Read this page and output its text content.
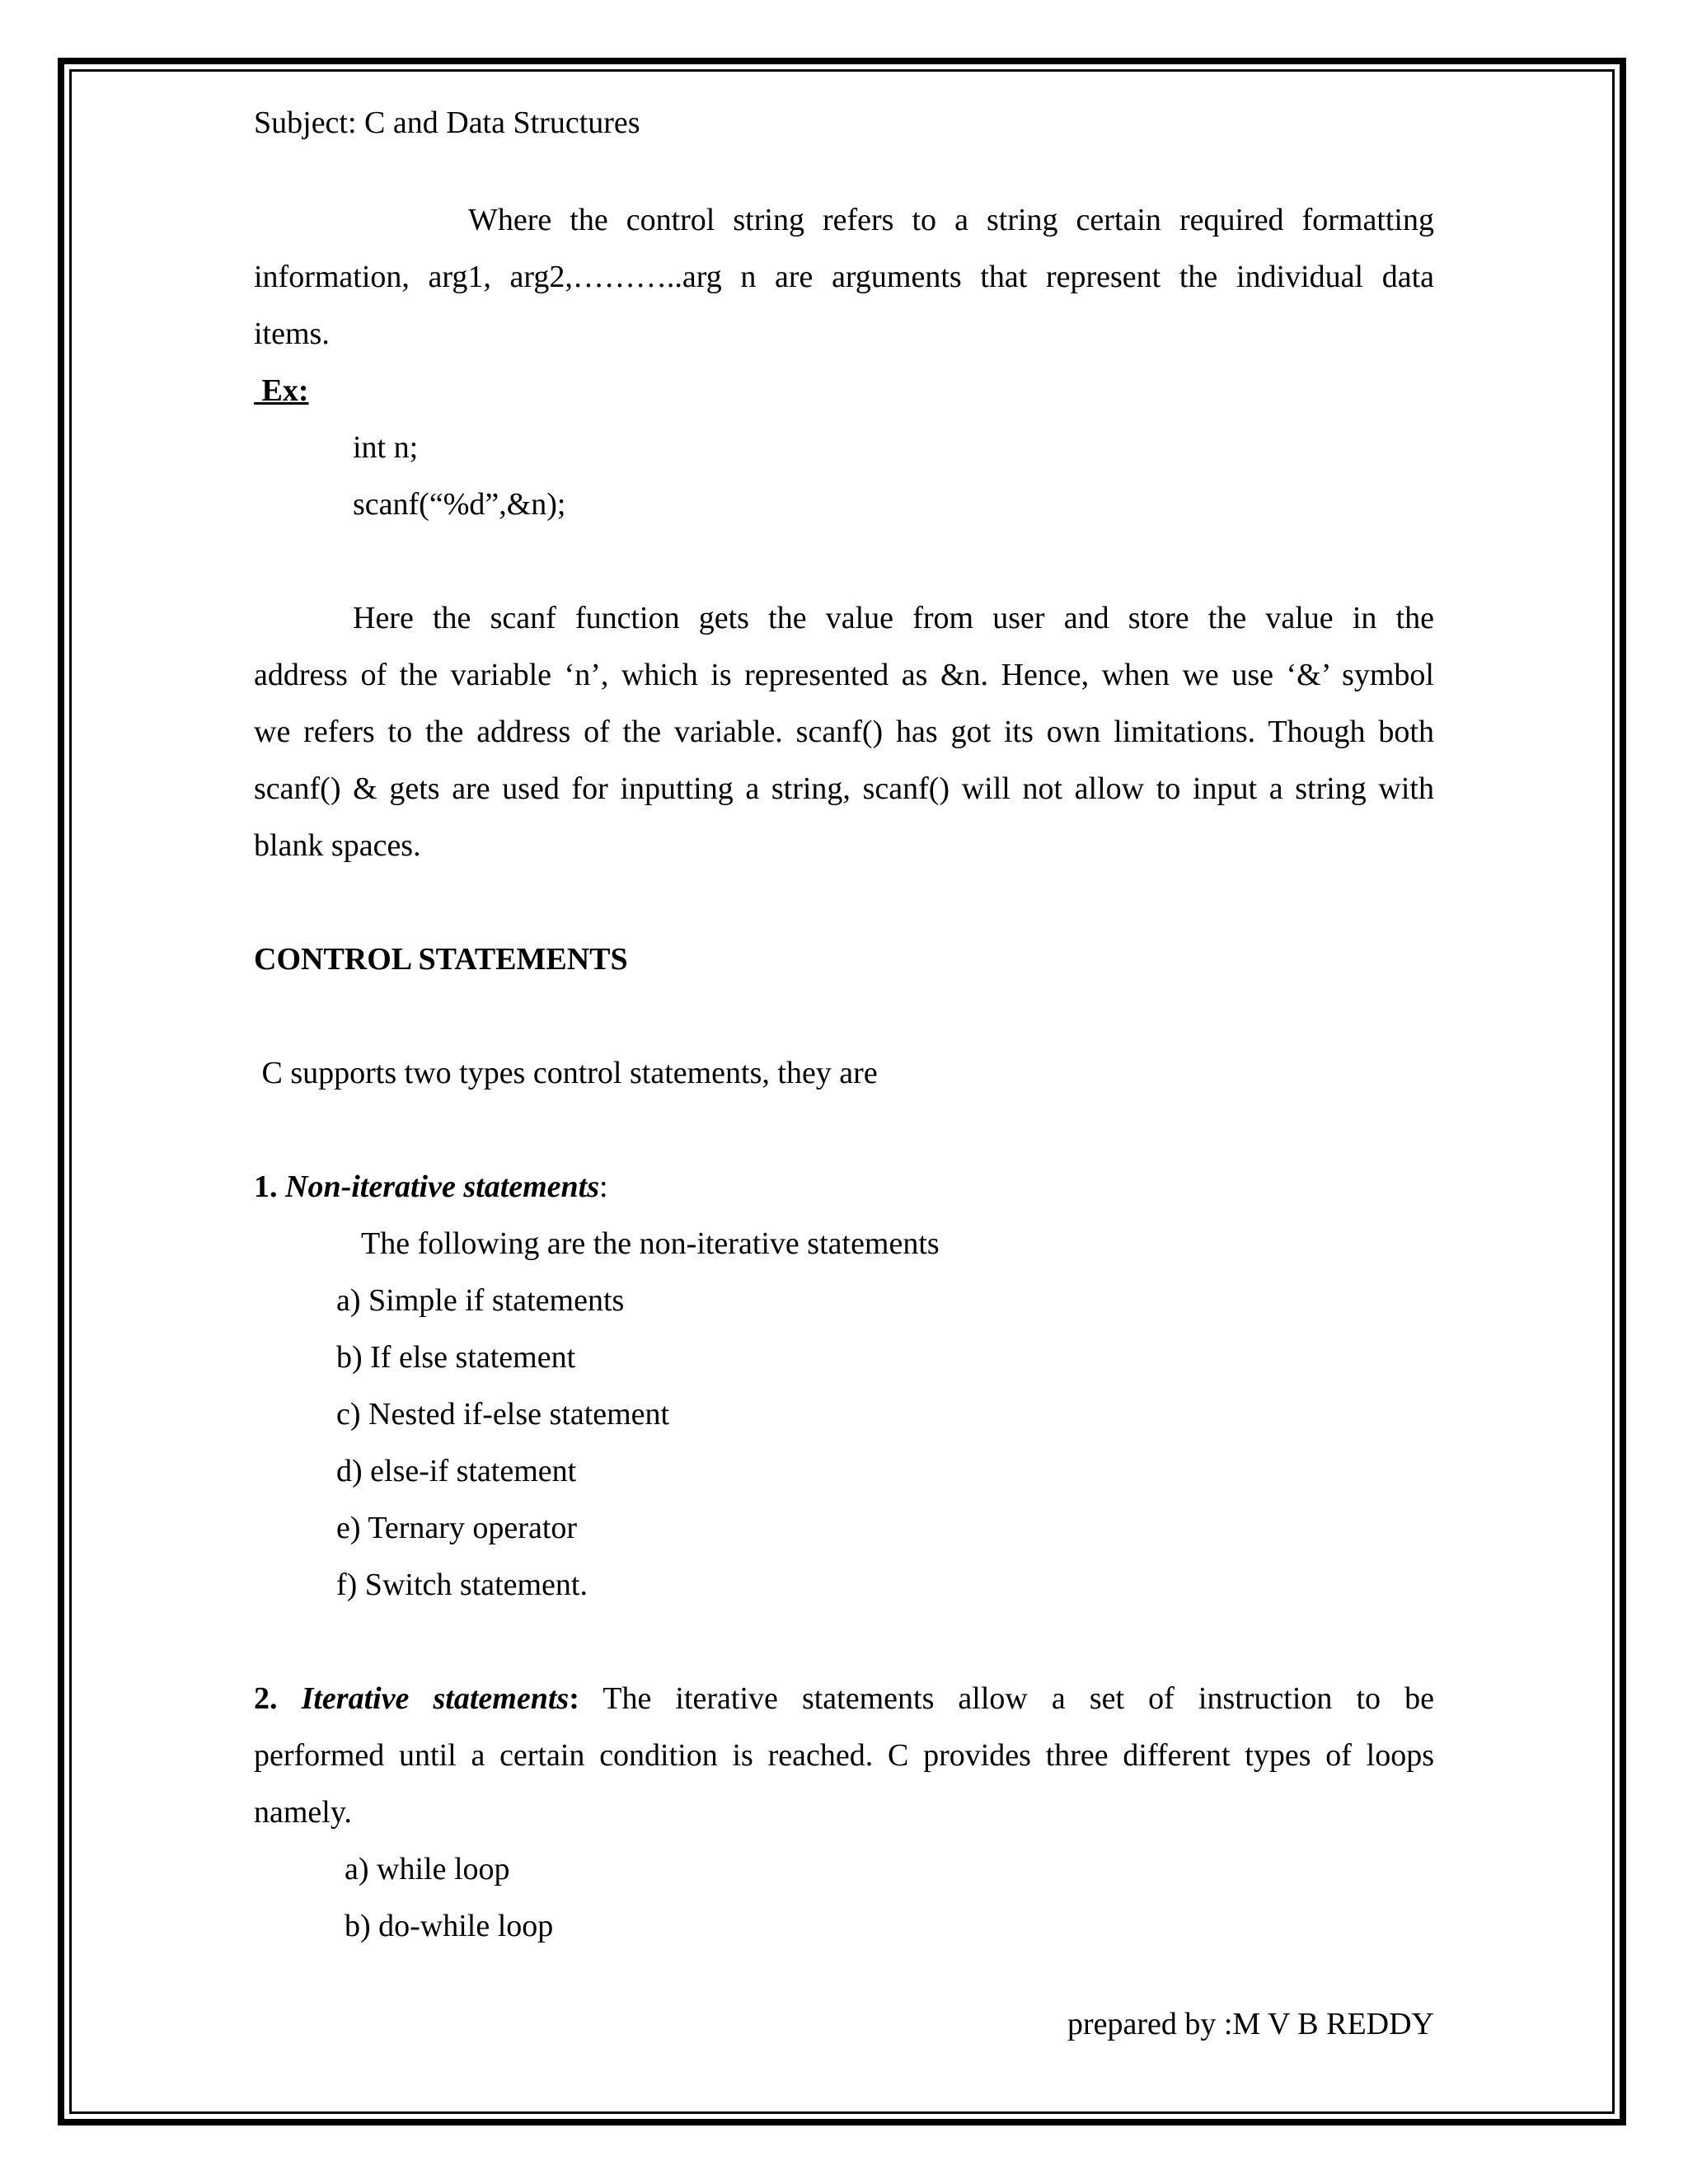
Subject: C and Data Structures
Where the control string refers to a string certain required formatting
information, arg1, arg2,………..arg n are arguments that represent the individual data
items.
Ex:
int n;
scanf(“%d”,&n);
Here the scanf function gets the value from user and store the value in the
address of the variable ‘n’, which is represented as &n. Hence, when we use ‘&’ symbol
we refers to the address of the variable. scanf() has got its own limitations. Though both
scanf() & gets are used for inputting a string, scanf() will not allow to input a string with
blank spaces.
CONTROL STATEMENTS
C supports two types control statements, they are
1. Non-iterative statements:
The following are the non-iterative statements
a) Simple if statements
b) If else statement
c) Nested if-else statement
d) else-if statement
e) Ternary operator
f) Switch statement.
2. Iterative statements: The iterative statements allow a set of instruction to be
performed until a certain condition is reached. C provides three different types of loops
namely.
a) while loop
b) do-while loop
prepared by :M V B REDDY
